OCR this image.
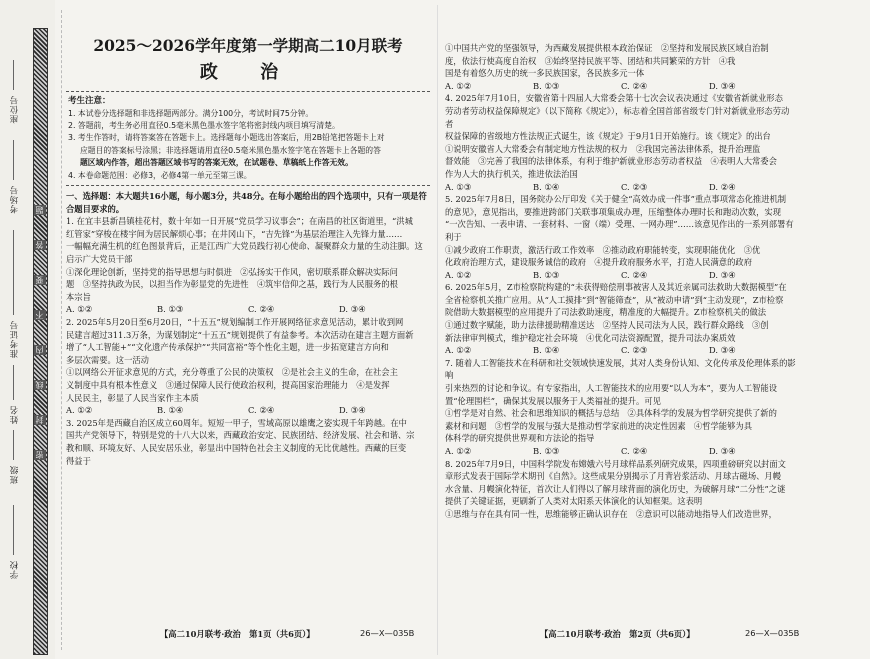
座位号
考场号
准考证号
姓名
班级
学校
题
答
要
不
内
线
封
密

2025～2026学年度第一学期高二10月联考

政 治

考生注意：

1. 本试卷分选择题和非选择题两部分。满分100分，考试时间75分钟。

2. 答题前，考生务必用直径0.5毫米黑色墨水签字笔将密封线内项目填写清楚。

3. 考生作答时，请将答案答在答题卡上。选择题每小题选出答案后，用2B铅笔把答题卡上对

应题目的答案标号涂黑；非选择题请用直径0.5毫米黑色墨水签字笔在答题卡上各题的答

题区域内作答，超出答题区域书写的答案无效，在试题卷、草稿纸上作答无效。

4. 本卷命题范围：必修3，必修4第一单元至第三课。

一、选择题：本大题共16小题，每小题3分，共48分。在每小题给出的四个选项中，只有一项是符合题目要求的。

1. 在宜丰县新昌镇桂花村，数十年如一日开展“党员学习议事会”；在南昌的社区街道里，“洪城

红管家”穿梭在楼宇间为居民解烦心事；在井冈山下，“吉先锋”为基层治理注入先锋力量……

一幅幅充满生机的红色图景背后，正是江西广大党员践行初心使命、凝聚群众力量的生动注脚。这

启示广大党员干部

①深化理论创新，坚持党的指导思想与时俱进　②弘扬实干作风，密切联系群众解决实际问

题　③坚持执政为民，以担当作为彰显党的先进性　④筑牢信仰之基，践行为人民服务的根

本宗旨

A. ①②	B. ①③	C. ②④	D. ③④

2. 2025年5月20日至6月20日，“十五五”规划编制工作开展网络征求意见活动，累计收到网

民建言超过311.3万条，为谋划制定“十五五”规划提供了有益参考。本次活动在建言主题方面新

增了“人工智能+”“文化遗产传承保护”“共同富裕”等个性化主题，进一步拓宽建言方向和

多层次需要。这一活动

①以网络公开征求意见的方式，充分尊重了公民的决策权　②是社会主义的生命，在社会主

义制度中具有根本性意义　③通过保障人民行使政治权利，提高国家治理能力　④是发挥

人民民主，彰显了人民当家作主本质

A. ①②	B. ①④	C. ②④	D. ③④

3. 2025年是西藏自治区成立60周年。短短一甲子，雪域高原以雄鹰之姿实现千年跨越。在中

国共产党领导下，特别是党的十八大以来，西藏政治安定、民族团结、经济发展、社会和谐、宗

教和顺、环境友好、人民安居乐业，彰显出中国特色社会主义制度的无比优越性。西藏的巨变

得益于

【高二10月联考·政治　第1页（共6页）】	26—X—035B

①中国共产党的坚强领导，为西藏发展提供根本政治保证　②坚持和发展民族区域自治制

度，依法行使高度自治权　③始终坚持民族平等、团结和共同繁荣的方针　④我

国是有着悠久历史的统一多民族国家，各民族多元一体

A. ①②	B. ①③	C. ②④	D. ③④

4. 2025年7月10日，安徽省第十四届人大常委会第十七次会议表决通过《安徽省新就业形态

劳动者劳动权益保障规定》（以下简称《规定》），标志着全国首部省级专门针对新就业形态劳动者

权益保障的省级地方性法规正式诞生，该《规定》于9月1日开始施行。该《规定》的出台

①说明安徽省人大常委会有制定地方性法规的权力　②我国完善法律体系，提升治理监

督效能　③完善了我国的法律体系，有利于维护新就业形态劳动者权益　④表明人大常委会

作为人大的执行机关，推进依法治国

A. ①③	B. ①④	C. ②③	D. ②④

5. 2025年7月8日，国务院办公厅印发《关于健全“高效办成一件事”重点事项常态化推进机制

的意见》，意见指出，要推进跨部门关联事项集成办理，压缩整体办理时长和跑动次数，实现

“一次告知、一表申请、一套材料、一窗（端）受理、一网办理”……该意见作出的一系列部署有

利于

①减少政府工作职责，激活行政工作效率　②推动政府职能转变，实现职能优化　③优

化政府治理方式，建设服务诚信的政府　④提升政府服务水平，打造人民满意的政府

A. ①②	B. ①③	C. ②④	D. ③④

6. 2025年5月，Z市检察院构建的“未获得赔偿刑事被害人及其近亲属司法救助大数据模型”在

全省检察机关推广应用。从“人工摸排”到“智能筛查”，从“被动申请”到“主动发现”，Z市检察

院借助大数据模型的应用提升了司法救助速度，精准度的大幅提升。Z市检察机关的做法

①通过数字赋能，助力法律援助精准送达　②坚持人民司法为人民，践行群众路线　③创

新法律审判模式，维护稳定社会环境　④优化司法资源配置，提升司法办案质效

A. ①②	B. ①④	C. ②③	D. ③④

7. 随着人工智能技术在科研和社交领域快速发展，其对人类身份认知、文化传承及伦理体系的影响

引来热烈的讨论和争议。有专家指出，人工智能技术的应用要“以人为本”，要为人工智能设

置“伦理围栏”，确保其发展以服务于人类福祉的提升。可见

①哲学是对自然、社会和思维知识的概括与总结　②具体科学的发展为哲学研究提供了新的

素材和问题　③哲学的发展与强大是推动哲学家前进的决定性因素　④哲学能够为具

体科学的研究提供世界观和方法论的指导

A. ①②	B. ①③	C. ②④	D. ③④

8. 2025年7月9日，中国科学院发布嫦娥六号月球样品系列研究成果，四项重磅研究以封面文

章形式发表于国际学术期刊《自然》。这些成果分别揭示了月背岩浆活动、月球古磁场、月幔

水含量、月幔演化特征，首次让人们得以了解月球背面的演化历史，为破解月球“二分性”之谜

提供了关键证据，更刷新了人类对太阳系天体演化的认知框架。这表明

①思维与存在具有同一性，思维能够正确认识存在　②意识可以能动地指导人们改造世界，

【高二10月联考·政治　第2页（共6页）】	26—X—035B
